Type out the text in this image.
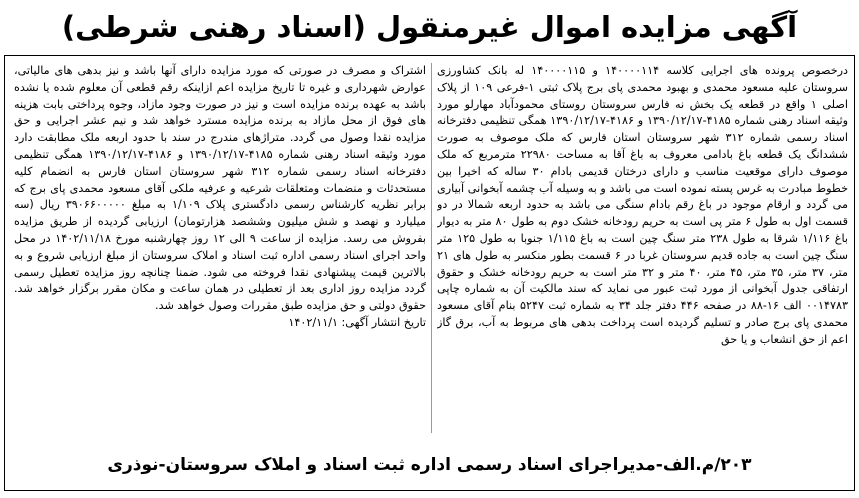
آگهی مزایده اموال غیرمنقول (اسناد رهنی شرطی)
درخصوص پرونده های اجرایی کلاسه ۱۴۰۰۰۰۱۱۴ و ۱۴۰۰۰۰۱۱۵ له بانک کشاورزی سروستان علیه مسعود محمدی و بهبود محمدی پای برج پلاک ثبتی ۱-فرعی ۱۰۹ از پلاک اصلی ۱ واقع در قطعه یک بخش نه فارس سروستان روستای محمودآباد مهارلو مورد وثیقه اسناد رهنی شماره ۴۱۸۵-۱۳۹۰/۱۲/۱۷ و ۴۱۸۶-۱۳۹۰/۱۲/۱۷ همگی تنظیمی دفترخانه اسناد رسمی شماره ۳۱۲ شهر سروستان استان فارس که ملک موصوف به صورت ششدانگ یک قطعه باغ بادامی معروف به باغ آقا به مساحت ۲۲۹۸۰ مترمربع که ملک موصوف دارای موقعیت مناسب و دارای درختان قدیمی بادام ۳۰ ساله که اخیرا بین خطوط مبادرت به غرس پسته نموده است می باشد و به وسیله آب چشمه آبخوانی آبیاری می گردد و ارقام موجود در باغ رقم بادام سنگی می باشد به حدود اربعه شمالا در دو قسمت اول به طول ۶ متر پی است به حریم رودخانه خشک دوم به طول ۸۰ متر به دیوار باغ ۱/۱۱۶ شرقا به طول ۲۳۸ متر سنگ چین است به باغ ۱/۱۱۵ جنوبا به طول ۱۲۵ متر سنگ چین است به جاده قدیم سروستان غربا در ۶ قسمت بطور منکسر به طول های ۲۱ متر، ۳۷ متر، ۳۵ متر، ۴۵ متر، ۴۰ متر و ۳۲ متر است به حریم رودخانه خشک و حقوق ارتفاقی جدول آبخوانی از مورد ثبت عبور می نماید که سند مالکیت آن به شماره چاپی ۰۰۱۴۷۸۳ الف ۱۶-۸۸ در صفحه ۴۴۶ دفتر جلد ۳۴ به شماره ثبت ۵۲۴۷ بنام آقای مسعود محمدی پای برج صادر و تسلیم گردیده است پرداخت بدهی های مربوط به آب، برق گاز اعم از حق انشعاب و یا حق
اشتراک و مصرف در صورتی که مورد مزایده دارای آنها باشد و نیز بدهی های مالیاتی، عوارض شهرداری و غیره تا تاریخ مزایده اعم ازاینکه رقم قطعی آن معلوم شده یا نشده باشد به عهده برنده مزایده است و نیز در صورت وجود مازاد، وجوه پرداختی بابت هزینه های فوق از محل مازاد به برنده مزایده مسترد خواهد شد و نیم عشر اجرایی و حق مزایده نقدا وصول می گردد. متراژهای مندرج در سند با حدود اربعه ملک مطابقت دارد مورد وثیقه اسناد رهنی شماره ۴۱۸۵-۱۳۹۰/۱۲/۱۷ و ۴۱۸۶-۱۳۹۰/۱۲/۱۷ همگی تنظیمی دفترخانه اسناد رسمی شماره ۳۱۲ شهر سروستان استان فارس به انضمام کلیه مستحدثات و منضمات ومتعلقات شرعیه و عرفیه ملکی آقای مسعود محمدی پای برج که برابر نظریه کارشناس رسمی دادگستری پلاک ۱/۱۰۹ به مبلغ ۳۹۰۶۶۰۰۰۰۰ ریال (سه میلیارد و نهصد و شش میلیون وششصد هزارتومان) ارزیابی گردیده از طریق مزایده بفروش می رسد. مزایده از ساعت ۹ الی ۱۲ روز چهارشنبه مورخ ۱۴۰۲/۱۱/۱۸ در محل واحد اجرای اسناد رسمی اداره ثبت اسناد و املاک سروستان از مبلغ ارزیابی شروع و به بالاترین قیمت پیشنهادی نقدا فروخته می شود. ضمنا چنانچه روز مزایده تعطیل رسمی گردد مزایده روز اداری بعد از تعطیلی در همان ساعت و مکان مقرر برگزار خواهد شد. حقوق دولتی و حق مزایده طبق مقررات وصول خواهد شد.
تاریخ انتشار آگهی: ۱۴۰۲/۱۱/۱
۲۰۳/م.الف-مدیراجرای اسناد رسمی اداره ثبت اسناد و املاک سروستان-نوذری
